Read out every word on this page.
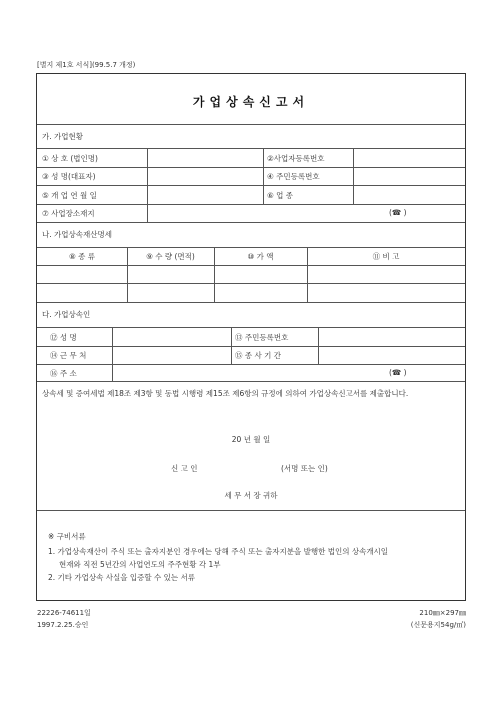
[별지 제1호 서식](99.5.7 개정)
가업상속신고서
가. 가업현황
① 상 호 (법인명)	②사업자등록번호
③ 성 명(대표자)	④ 주민등록번호
⑤ 개 업 연 월 일	⑥ 업 종
⑦ 사업장소재지	(☎ )
나. 가업상속재산명세
⑧ 종 류	⑨ 수 량 (면적)	⑩ 가 액	⑪ 비 고
다. 가업상속인
⑫ 성 명	⑬ 주민등록번호
⑭ 근 무 처	⑮ 종 사 기 간
⑯ 주 소	(☎ )
상속세 및 증여세법 제18조 제3항 및 동법 시행령 제15조 제6항의 규정에 의하여 가업상속신고서를 제출합니다.
20 년 월 일
신 고 인	(서명 또는 인)
세 무 서 장 귀하
※ 구비서류
1. 가업상속재산이 주식 또는 출자지분인 경우에는 당해 주식 또는 출자지분을 발행한 법인의 상속개시일
현재와 직전 5년간의 사업연도의 주주현황 각 1부
2. 기타 가업상속 사실을 입증할 수 있는 서류
22226-74611일
1997.2.25.승인
210㎜×297㎜
(신문용지54g/㎡)
